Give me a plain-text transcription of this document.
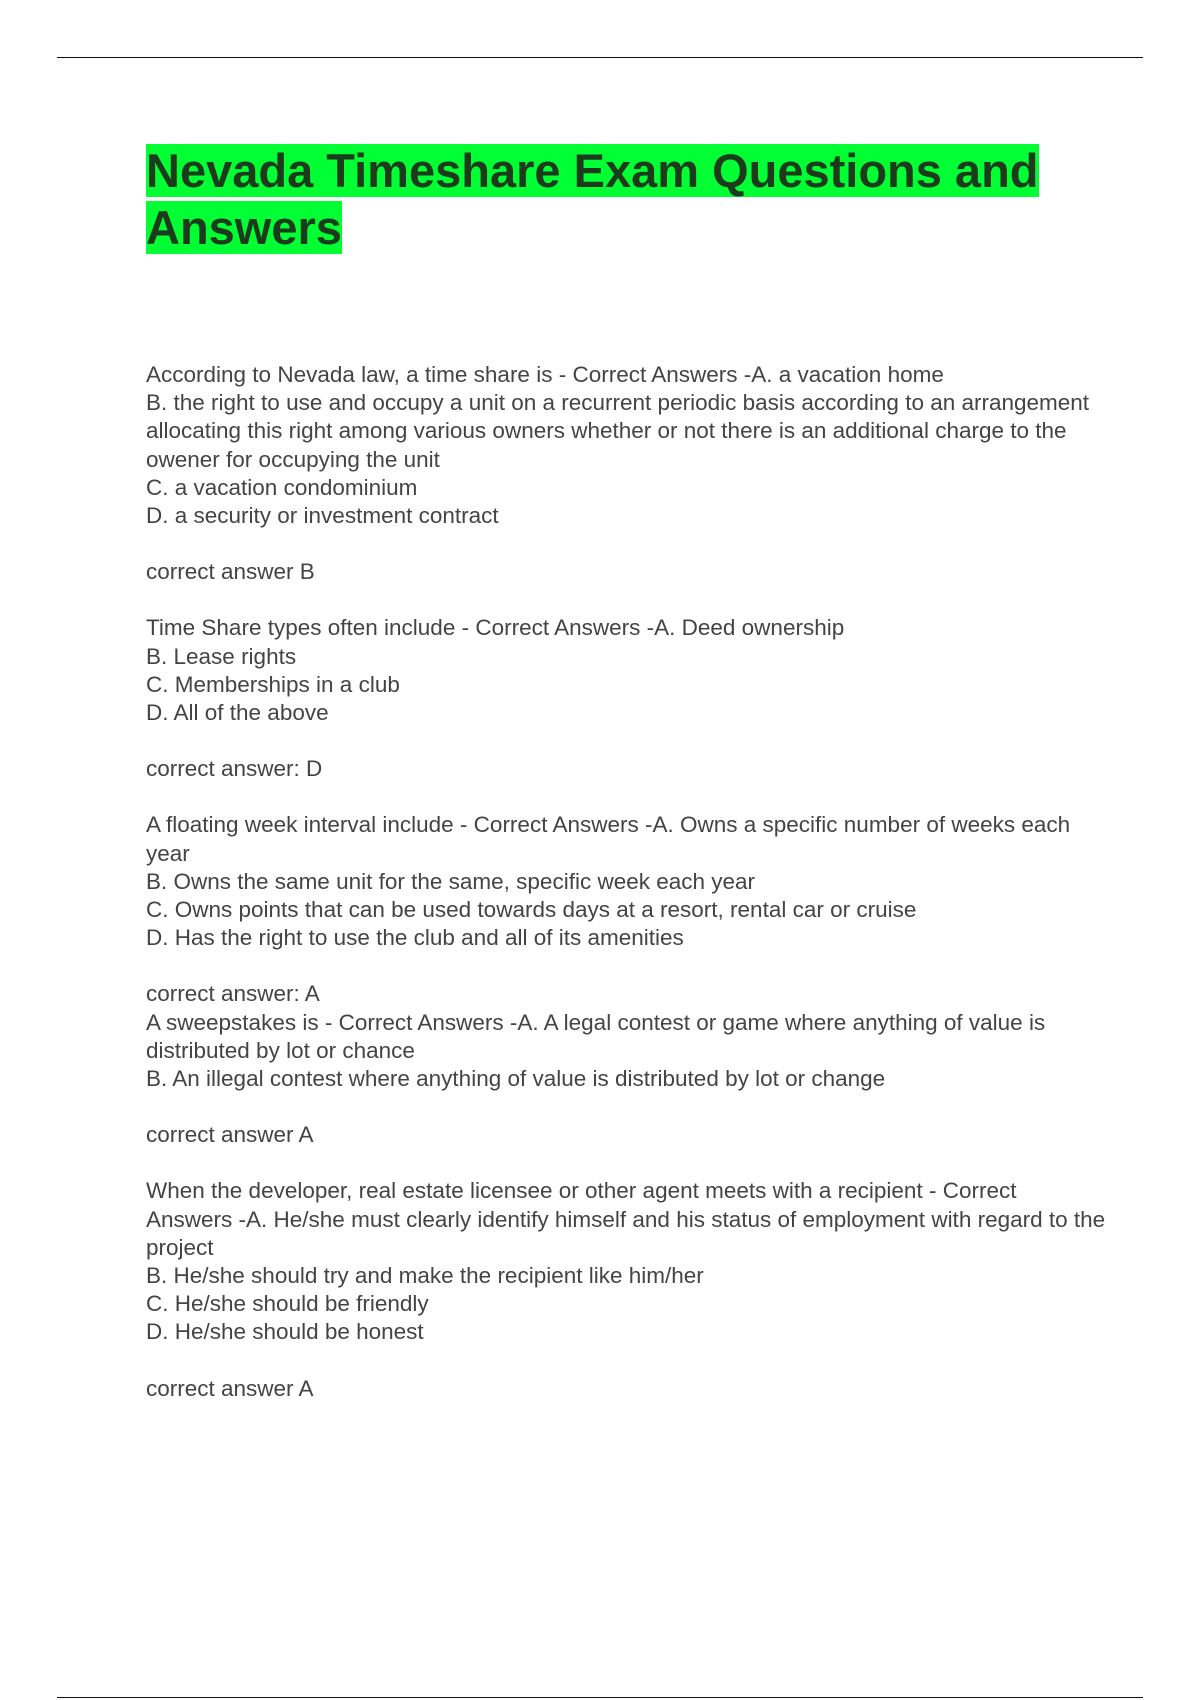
Nevada Timeshare Exam Questions and Answers
According to Nevada law, a time share is - Correct Answers -A. a vacation home
B. the right to use and occupy a unit on a recurrent periodic basis according to an arrangement allocating this right among various owners whether or not there is an additional charge to the owener for occupying the unit
C. a vacation condominium
D. a security or investment contract
correct answer B
Time Share types often include - Correct Answers -A. Deed ownership
B. Lease rights
C. Memberships in a club
D. All of the above
correct answer: D
A floating week interval include - Correct Answers -A. Owns a specific number of weeks each year
B. Owns the same unit for the same, specific week each year
C. Owns points that can be used towards days at a resort, rental car or cruise
D. Has the right to use the club and all of its amenities
correct answer: A
A sweepstakes is - Correct Answers -A. A legal contest or game where anything of value is distributed by lot or chance
B. An illegal contest where anything of value is distributed by lot or change
correct answer A
When the developer, real estate licensee or other agent meets with a recipient - Correct Answers -A. He/she must clearly identify himself and his status of employment with regard to the project
B. He/she should try and make the recipient like him/her
C. He/she should be friendly
D. He/she should be honest
correct answer A
